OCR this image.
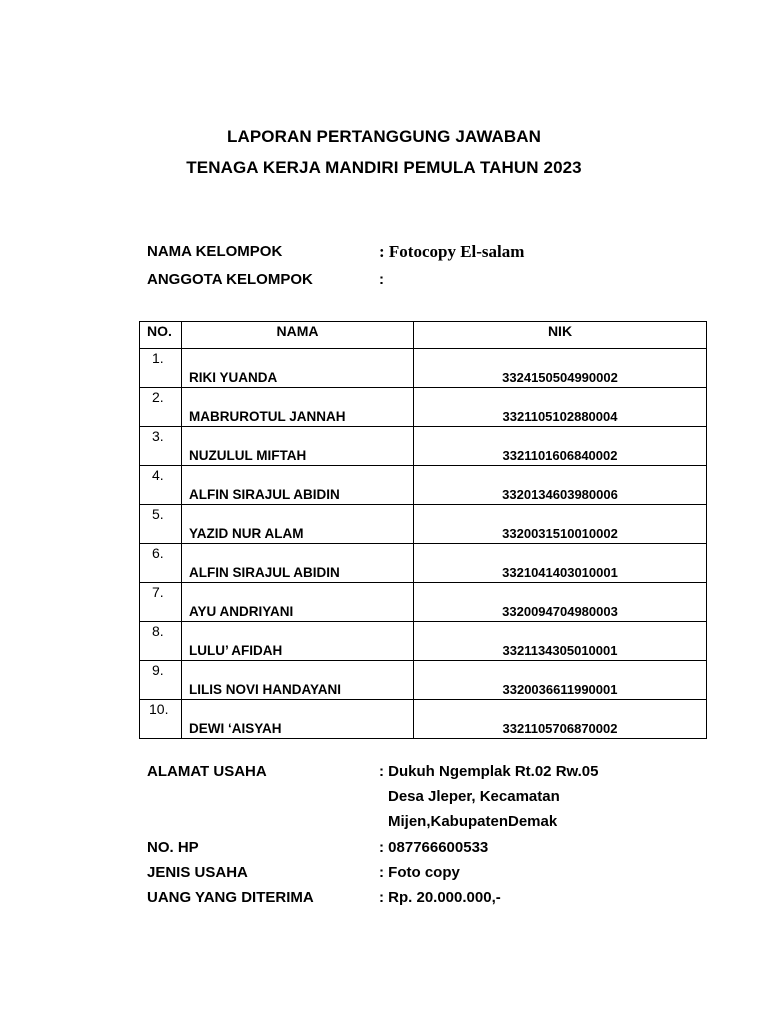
LAPORAN PERTANGGUNG JAWABAN
TENAGA KERJA MANDIRI PEMULA TAHUN 2023
NAMA KELOMPOK	: Fotocopy El-salam
ANGGOTA KELOMPOK	:
NO.	NAMA	NIK

1.	RIKI YUANDA	3324150504990002

2.	MABRUROTUL JANNAH	3321105102880004

3.	NUZULUL MIFTAH	3321101606840002

4.	ALFIN SIRAJUL ABIDIN	3320134603980006

5.	YAZID NUR ALAM	3320031510010002

6.	ALFIN SIRAJUL ABIDIN	3321041403010001

7.	AYU ANDRIYANI	3320094704980003

8.	LULU’ AFIDAH	3321134305010001

9.	LILIS NOVI HANDAYANI	3320036611990001

10.	DEWI ‘AISYAH	3321105706870002
ALAMAT USAHA	: Dukuh Ngemplak Rt.02 Rw.05
Desa Jleper, Kecamatan
Mijen,KabupatenDemak
NO. HP	: 087766600533
JENIS USAHA	: Foto copy
UANG YANG DITERIMA	: Rp. 20.000.000,-
